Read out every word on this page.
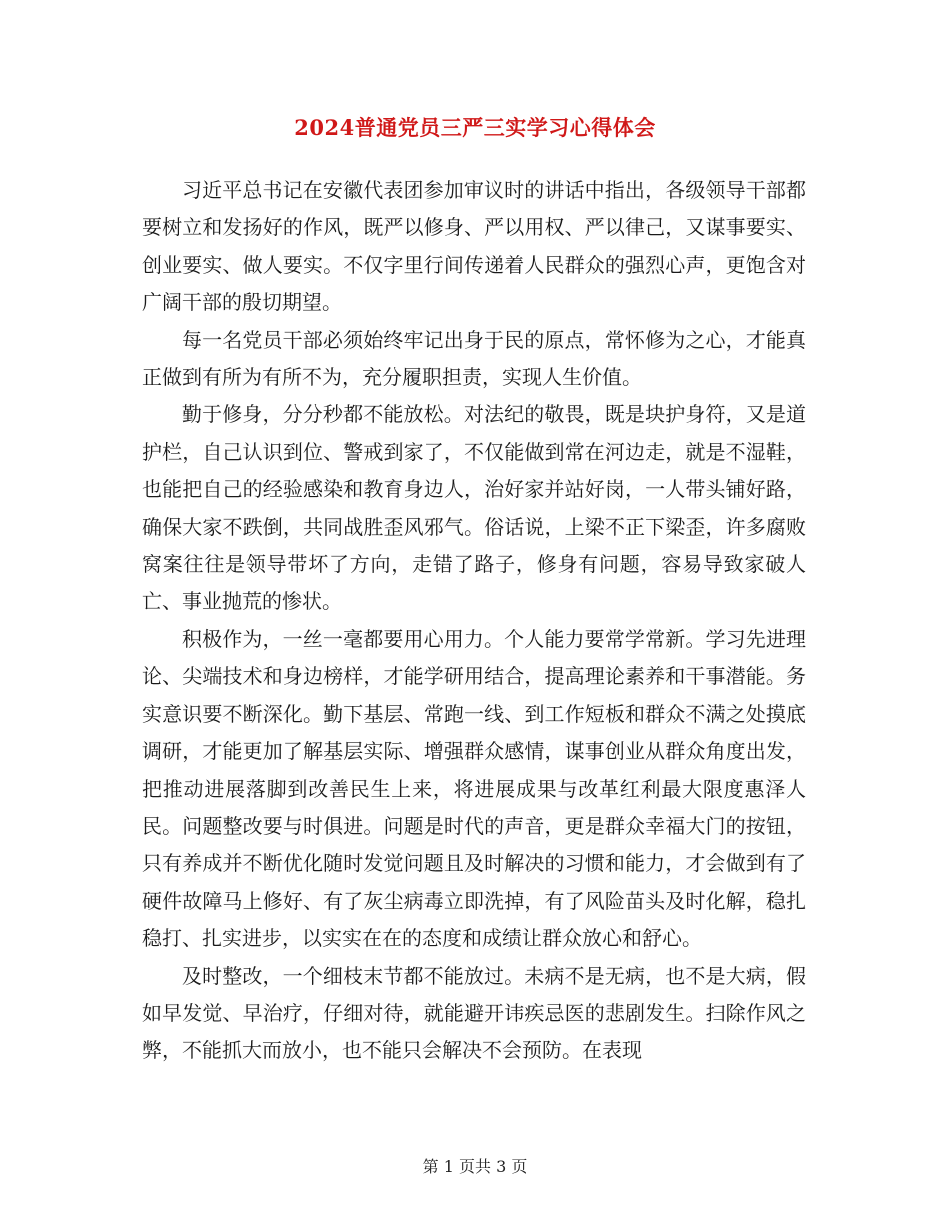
2024普通党员三严三实学习心得体会

习近平总书记在安徽代表团参加审议时的讲话中指出，各级领导干部都要树立和发扬好的作风，既严以修身、严以用权、严以律己，又谋事要实、创业要实、做人要实。不仅字里行间传递着人民群众的强烈心声，更饱含对广阔干部的殷切期望。

每一名党员干部必须始终牢记出身于民的原点，常怀修为之心，才能真正做到有所为有所不为，充分履职担责，实现人生价值。

勤于修身，分分秒都不能放松。对法纪的敬畏，既是块护身符，又是道护栏，自己认识到位、警戒到家了，不仅能做到常在河边走，就是不湿鞋，也能把自己的经验感染和教育身边人，治好家并站好岗，一人带头铺好路，确保大家不跌倒，共同战胜歪风邪气。俗话说，上梁不正下梁歪，许多腐败窝案往往是领导带坏了方向，走错了路子，修身有问题，容易导致家破人亡、事业抛荒的惨状。

积极作为，一丝一毫都要用心用力。个人能力要常学常新。学习先进理论、尖端技术和身边榜样，才能学研用结合，提高理论素养和干事潜能。务实意识要不断深化。勤下基层、常跑一线、到工作短板和群众不满之处摸底调研，才能更加了解基层实际、增强群众感情，谋事创业从群众角度出发，把推动进展落脚到改善民生上来，将进展成果与改革红利最大限度惠泽人民。问题整改要与时俱进。问题是时代的声音，更是群众幸福大门的按钮，只有养成并不断优化随时发觉问题且及时解决的习惯和能力，才会做到有了硬件故障马上修好、有了灰尘病毒立即洗掉，有了风险苗头及时化解，稳扎稳打、扎实进步，以实实在在的态度和成绩让群众放心和舒心。

及时整改，一个细枝末节都不能放过。未病不是无病，也不是大病，假如早发觉、早治疗，仔细对待，就能避开讳疾忌医的悲剧发生。扫除作风之弊，不能抓大而放小，也不能只会解决不会预防。在表现

第 1 页共 3 页
